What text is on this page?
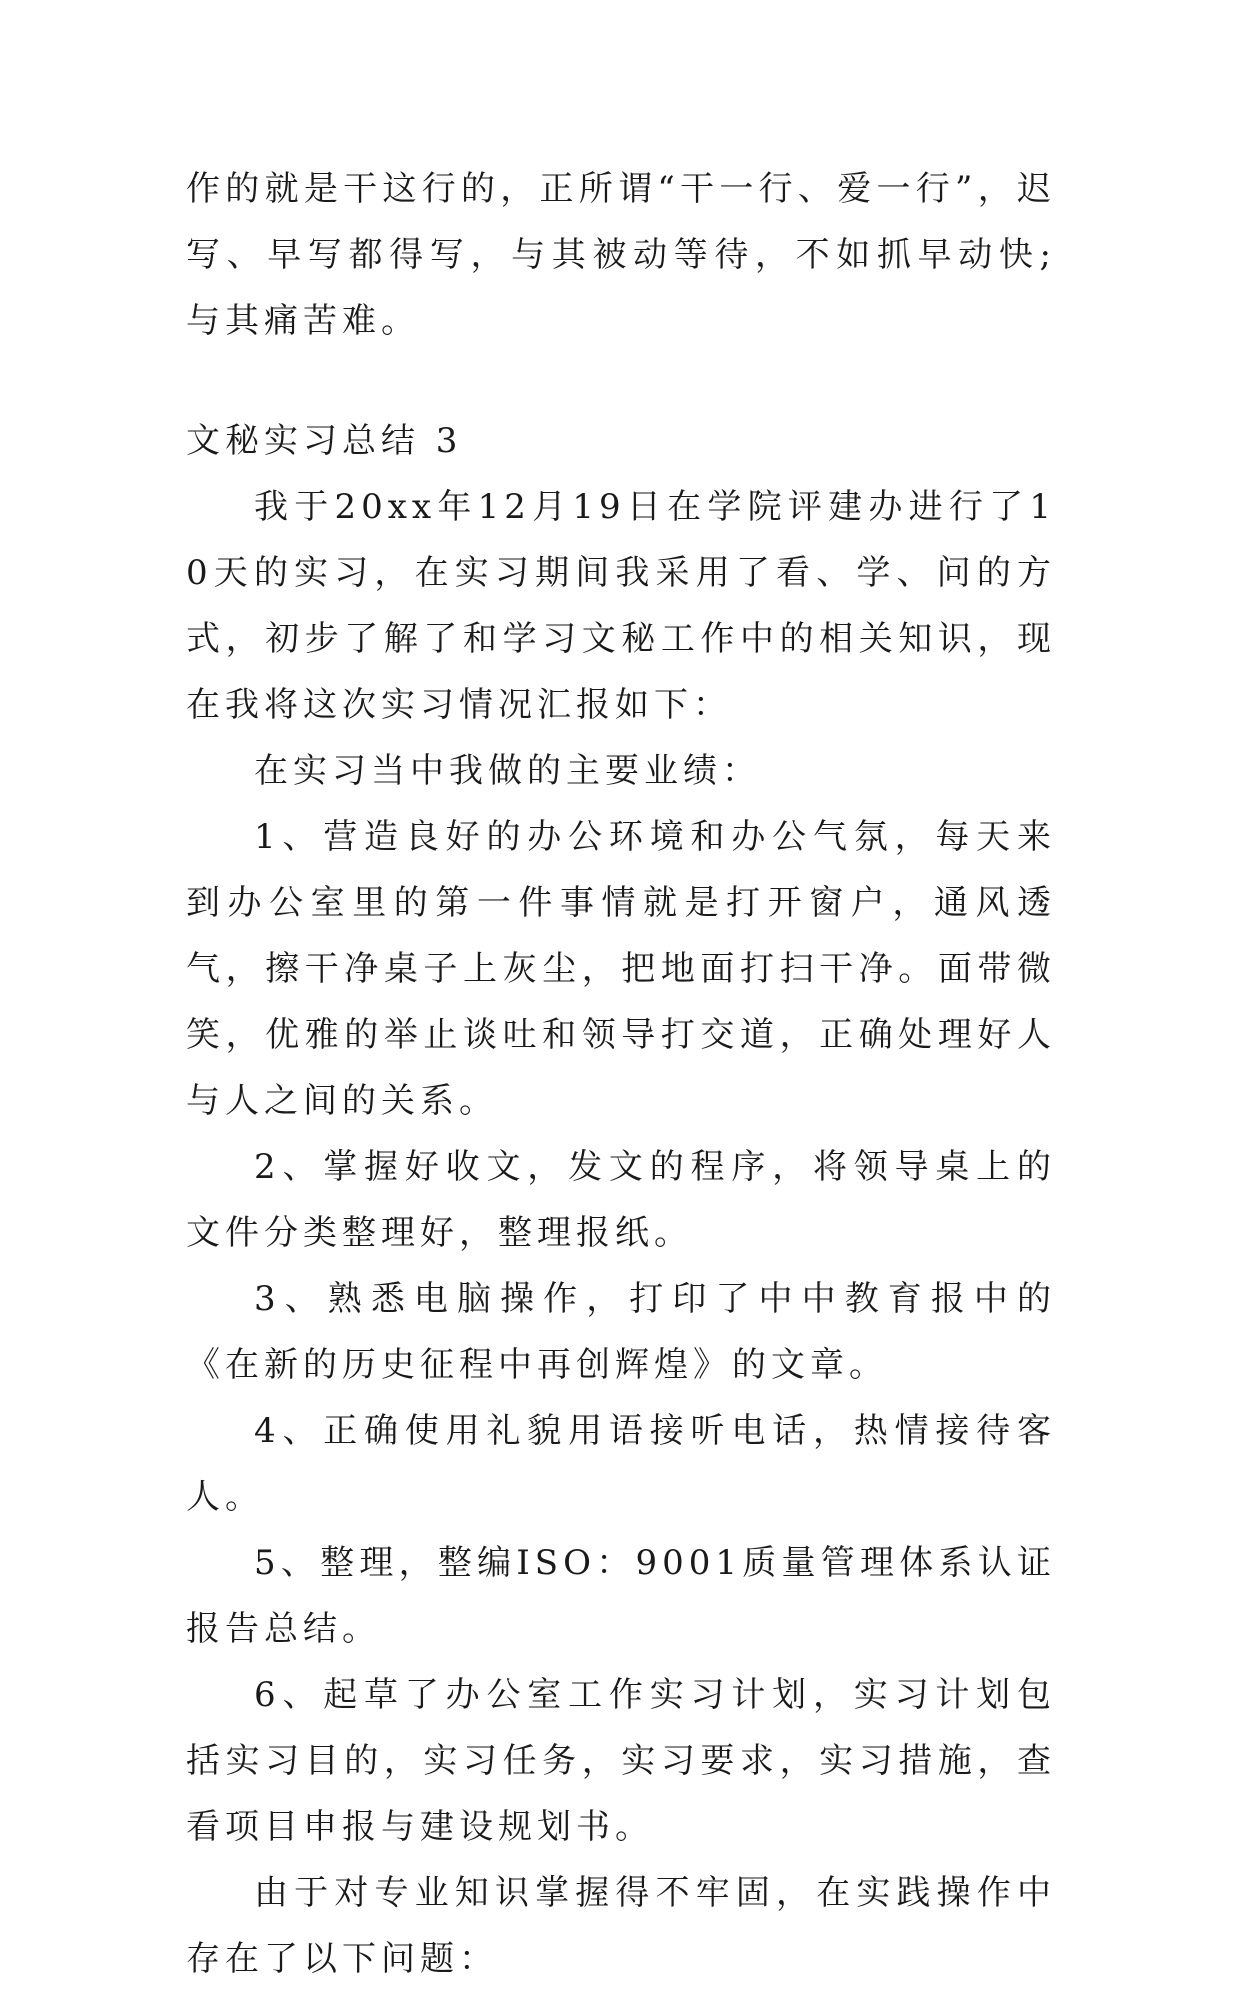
作的就是干这行的，正所谓“干一行、爱一行”，迟写、早写都得写，与其被动等待，不如抓早动快;与其痛苦难。

文秘实习总结 3

我于20xx年12月19日在学院评建办进行了10天的实习，在实习期间我采用了看、学、问的方式，初步了解了和学习文秘工作中的相关知识，现在我将这次实习情况汇报如下：

在实习当中我做的主要业绩：

1、营造良好的办公环境和办公气氛，每天来到办公室里的第一件事情就是打开窗户，通风透气，擦干净桌子上灰尘，把地面打扫干净。面带微笑，优雅的举止谈吐和领导打交道，正确处理好人与人之间的关系。

2、掌握好收文，发文的程序，将领导桌上的文件分类整理好，整理报纸。

3、熟悉电脑操作，打印了中中教育报中的《在新的历史征程中再创辉煌》的文章。

4、正确使用礼貌用语接听电话，热情接待客人。

5、整理，整编ISO：9001质量管理体系认证报告总结。

6、起草了办公室工作实习计划，实习计划包括实习目的，实习任务，实习要求，实习措施，查看项目申报与建设规划书。

由于对专业知识掌握得不牢固，在实践操作中存在了以下问题：
